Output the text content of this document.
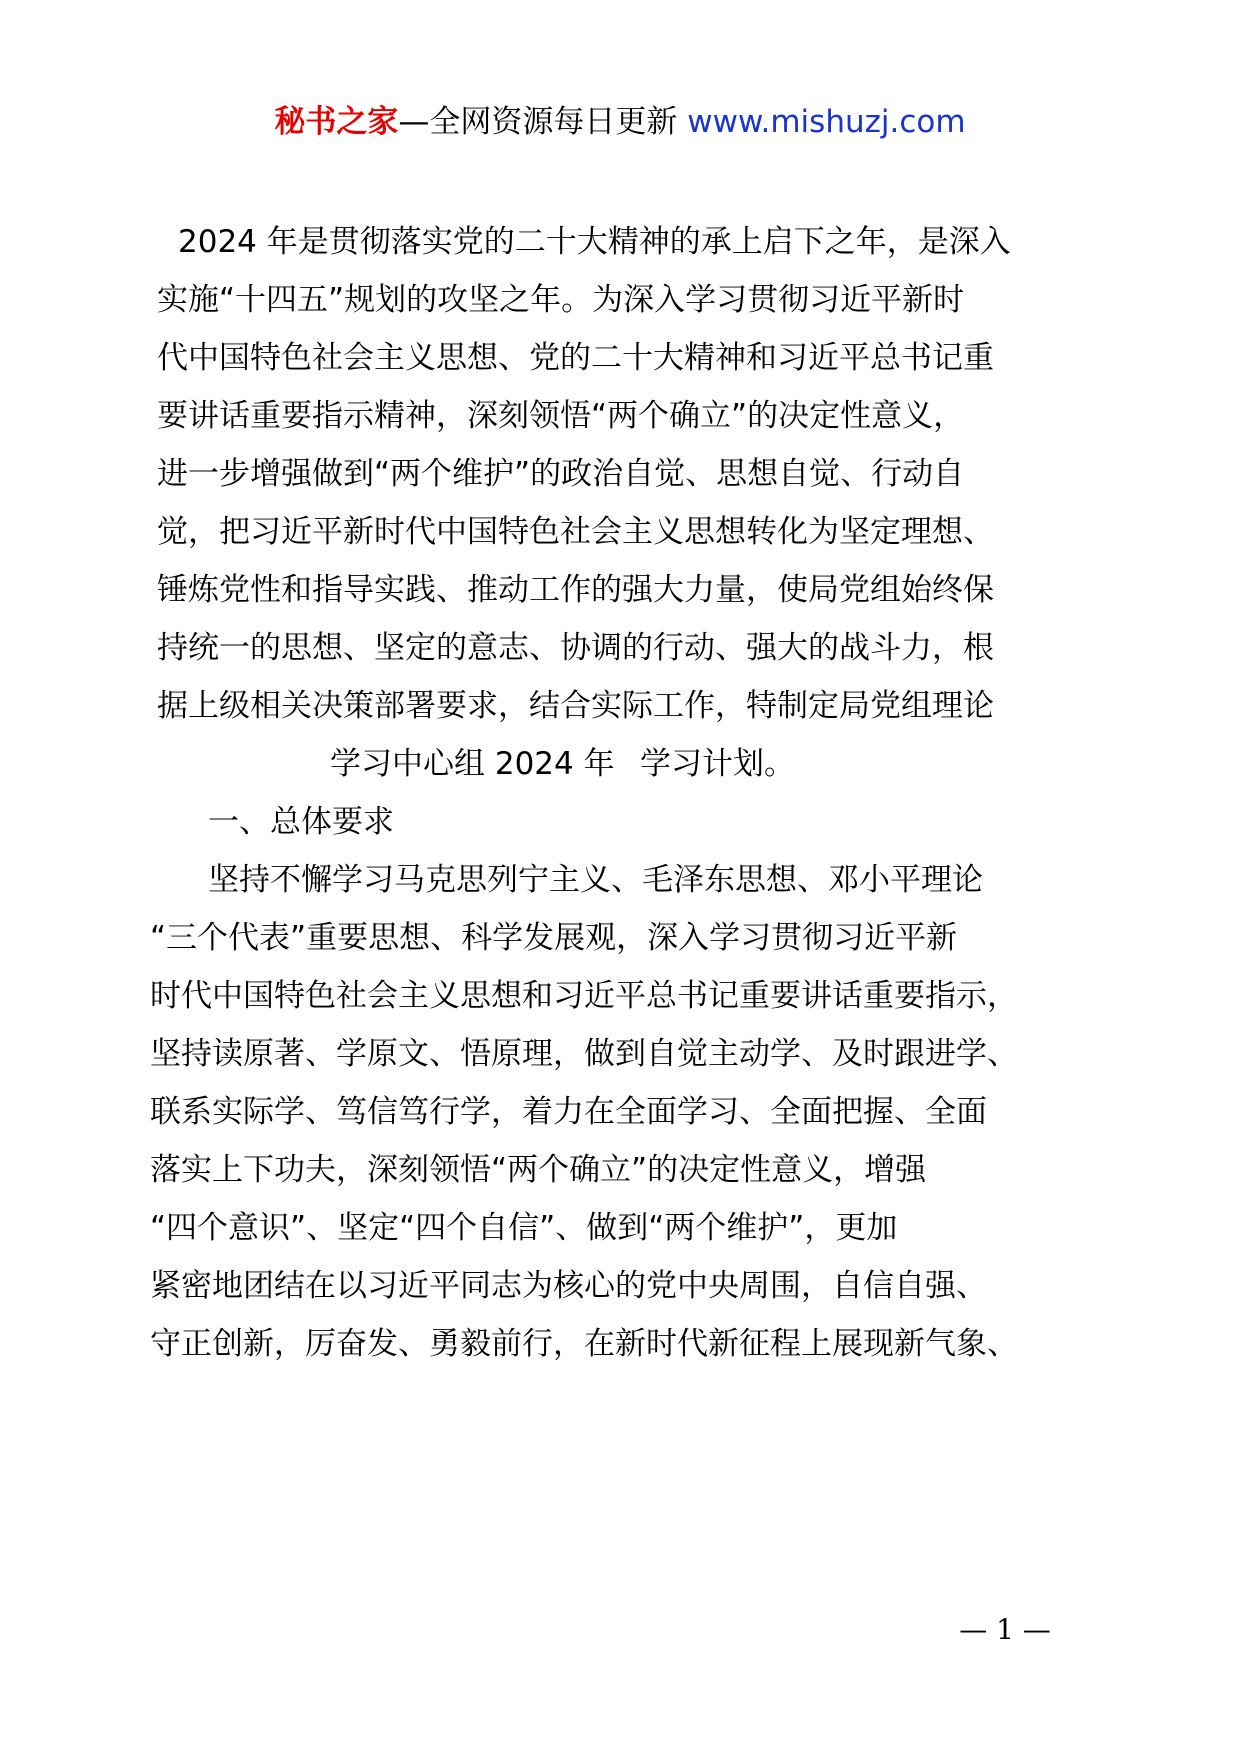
秘书之家—全网资源每日更新 www.mishuzj.com
2024 年是贯彻落实党的二十大精神的承上启下之年，是深入
实施“十四五”规划的攻坚之年。为深入学习贯彻习近平新时
代中国特色社会主义思想、党的二十大精神和习近平总书记重
要讲话重要指示精神，深刻领悟“两个确立”的决定性意义，
进一步增强做到“两个维护”的政治自觉、思想自觉、行动自
觉，把习近平新时代中国特色社会主义思想转化为坚定理想、
锤炼党性和指导实践、推动工作的强大力量，使局党组始终保
持统一的思想、坚定的意志、协调的行动、强大的战斗力，根
据上级相关决策部署要求，结合实际工作，特制定局党组理论
学习中心组 2024 年 学习计划。
一、总体要求
坚持不懈学习马克思列宁主义、毛泽东思想、邓小平理论
“三个代表”重要思想、科学发展观，深入学习贯彻习近平新
时代中国特色社会主义思想和习近平总书记重要讲话重要指示，
坚持读原著、学原文、悟原理，做到自觉主动学、及时跟进学、
联系实际学、笃信笃行学，着力在全面学习、全面把握、全面
落实上下功夫，深刻领悟“两个确立”的决定性意义，增强
“四个意识”、坚定“四个自信”、做到“两个维护”，更加
紧密地团结在以习近平同志为核心的党中央周围，自信自强、
守正创新，厉奋发、勇毅前行，在新时代新征程上展现新气象、
— 1 —
